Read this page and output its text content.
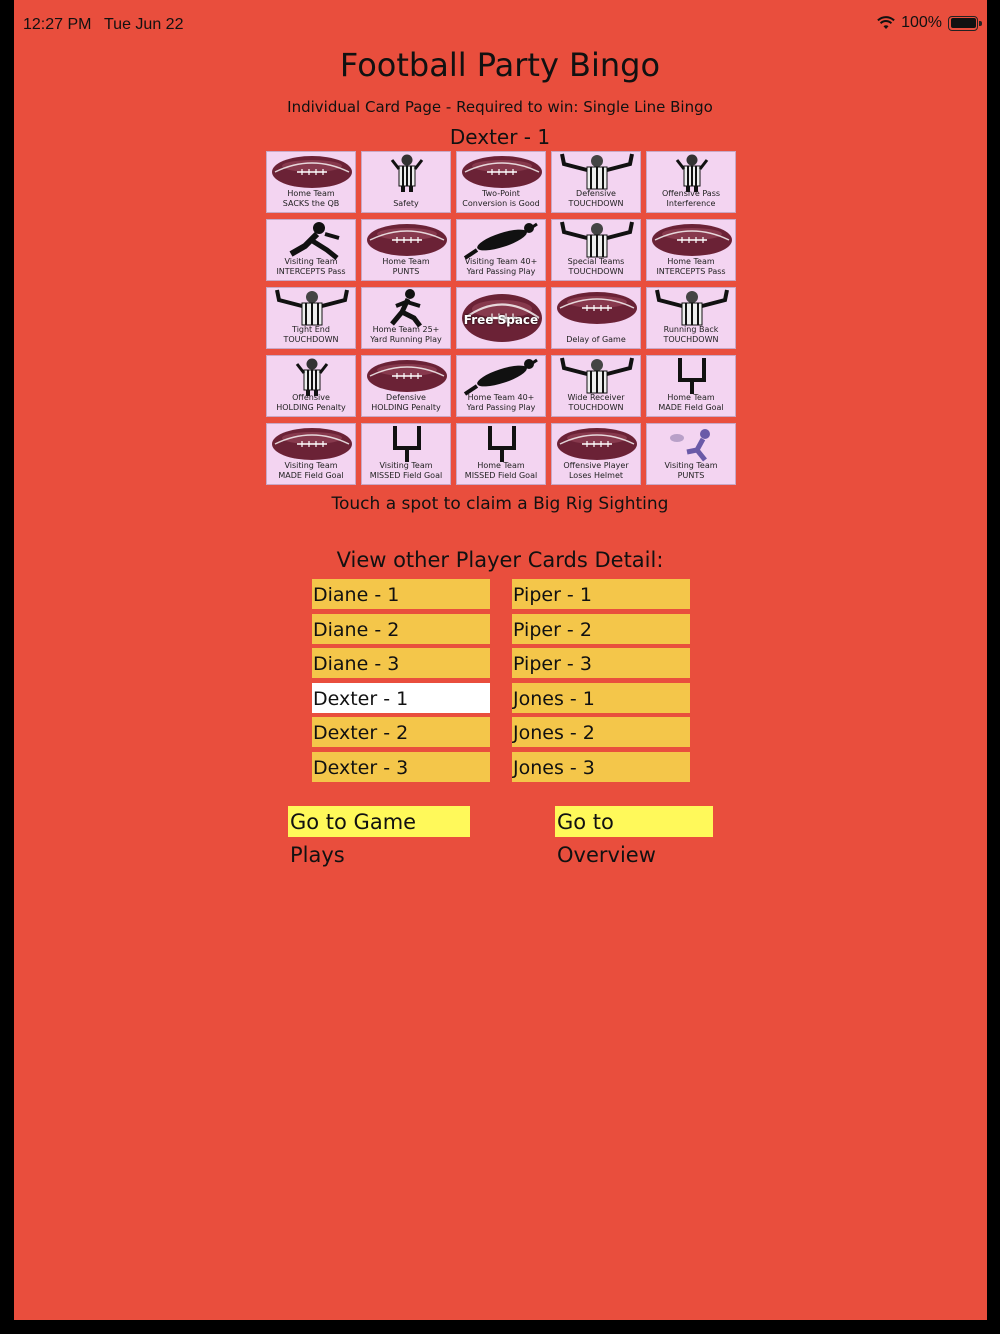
12:27 PM Tue Jun 22	100%
Football Party Bingo
Individual Card Page - Required to win: Single Line Bingo
Dexter - 1
Home Team
SACKS the QB
	Safety
Two-Point
Conversion is Good
Defensive
TOUCHDOWN
Offensive Pass
Interference
Visiting Team
INTERCEPTS Pass
Home Team
PUNTS
Visiting Team 40+
Yard Passing Play
Special Teams
TOUCHDOWN
Home Team
INTERCEPTS Pass
Tight End
TOUCHDOWN
Home Team 25+
Yard Running Play
Free Space

Delay of Game
Running Back
TOUCHDOWN
Offensive
HOLDING Penalty
Defensive
HOLDING Penalty
Home Team 40+
Yard Passing Play
Wide Receiver
TOUCHDOWN
Home Team
MADE Field Goal
Visiting Team
MADE Field Goal
Visiting Team
MISSED Field Goal
Home Team
MISSED Field Goal
Offensive Player
Loses Helmet
Visiting Team
PUNTS
Touch a spot to claim a Big Rig Sighting
View other Player Cards Detail:
Diane - 1
Diane - 2
Diane - 3
Dexter - 1
Dexter - 2
Dexter - 3
Piper - 1
Piper - 2
Piper - 3
Jones - 1
Jones - 2
Jones - 3
Go to Game Plays
Go to Overview
